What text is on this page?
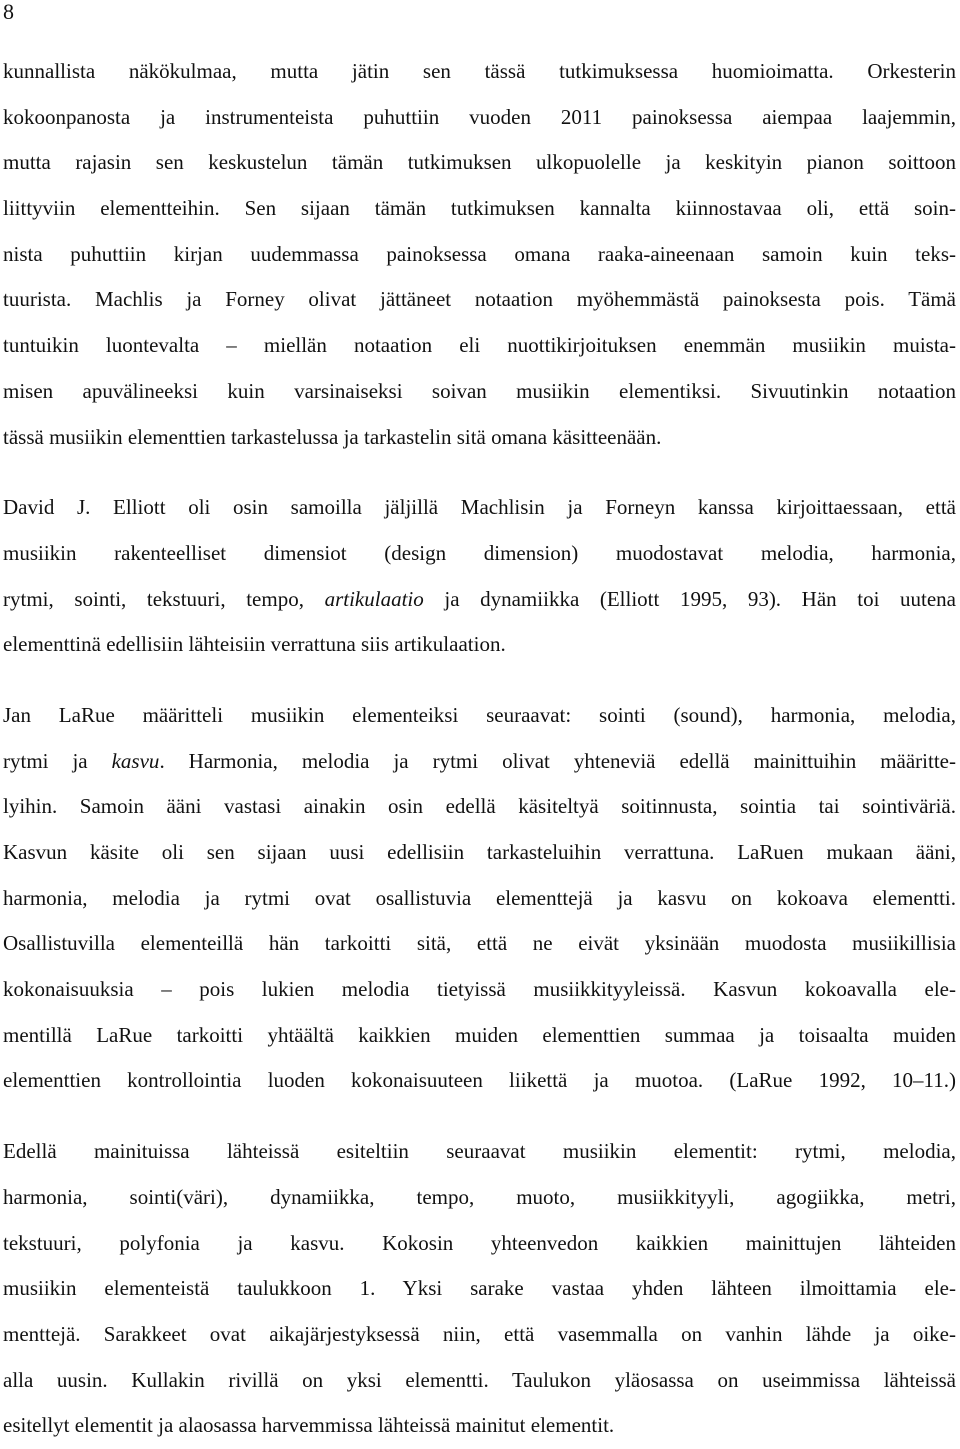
8
kunnallista näkökulmaa, mutta jätin sen tässä tutkimuksessa huomioimatta. Orkesterin
kokoonpanosta ja instrumenteista puhuttiin vuoden 2011 painoksessa aiempaa laajemmin,
mutta rajasin sen keskustelun tämän tutkimuksen ulkopuolelle ja keskityin pianon soittoon
liittyviin elementteihin. Sen sijaan tämän tutkimuksen kannalta kiinnostavaa oli, että soin-
nista puhuttiin kirjan uudemmassa painoksessa omana raaka-aineenaan samoin kuin teks-
tuurista. Machlis ja Forney olivat jättäneet notaation myöhemmästä painoksesta pois. Tämä
tuntuikin luontevalta – miellän notaation eli nuottikirjoituksen enemmän musiikin muista-
misen apuvälineeksi kuin varsinaiseksi soivan musiikin elementiksi. Sivuutinkin notaation
tässä musiikin elementtien tarkastelussa ja tarkastelin sitä omana käsitteenään.
David J. Elliott oli osin samoilla jäljillä Machlisin ja Forneyn kanssa kirjoittaessaan, että
musiikin rakenteelliset dimensiot (design dimension) muodostavat melodia, harmonia,
rytmi, sointi, tekstuuri, tempo, artikulaatio ja dynamiikka (Elliott 1995, 93). Hän toi uutena
elementtinä edellisiin lähteisiin verrattuna siis artikulaation.
Jan LaRue määritteli musiikin elementeiksi seuraavat: sointi (sound), harmonia, melodia,
rytmi ja kasvu. Harmonia, melodia ja rytmi olivat yhteneviä edellä mainittuihin määritte-
lyihin. Samoin ääni vastasi ainakin osin edellä käsiteltyä soitinnusta, sointia tai sointiväriä.
Kasvun käsite oli sen sijaan uusi edellisiin tarkasteluihin verrattuna. LaRuen mukaan ääni,
harmonia, melodia ja rytmi ovat osallistuvia elementtejä ja kasvu on kokoava elementti.
Osallistuvilla elementeillä hän tarkoitti sitä, että ne eivät yksinään muodosta musiikillisia
kokonaisuuksia – pois lukien melodia tietyissä musiikkityyleissä. Kasvun kokoavalla ele-
mentillä LaRue tarkoitti yhtäältä kaikkien muiden elementtien summaa ja toisaalta muiden
elementtien kontrollointia luoden kokonaisuuteen liikettä ja muotoa. (LaRue 1992, 10–11.)
Edellä mainituissa lähteissä esiteltiin seuraavat musiikin elementit: rytmi, melodia,
harmonia, sointi(väri), dynamiikka, tempo, muoto, musiikkityyli, agogiikka, metri,
tekstuuri, polyfonia ja kasvu. Kokosin yhteenvedon kaikkien mainittujen lähteiden
musiikin elementeistä taulukkoon 1. Yksi sarake vastaa yhden lähteen ilmoittamia ele-
menttejä. Sarakkeet ovat aikajärjestyksessä niin, että vasemmalla on vanhin lähde ja oike-
alla uusin. Kullakin rivillä on yksi elementti. Taulukon yläosassa on useimmissa lähteissä
esitellyt elementit ja alaosassa harvemmissa lähteissä mainitut elementit.
